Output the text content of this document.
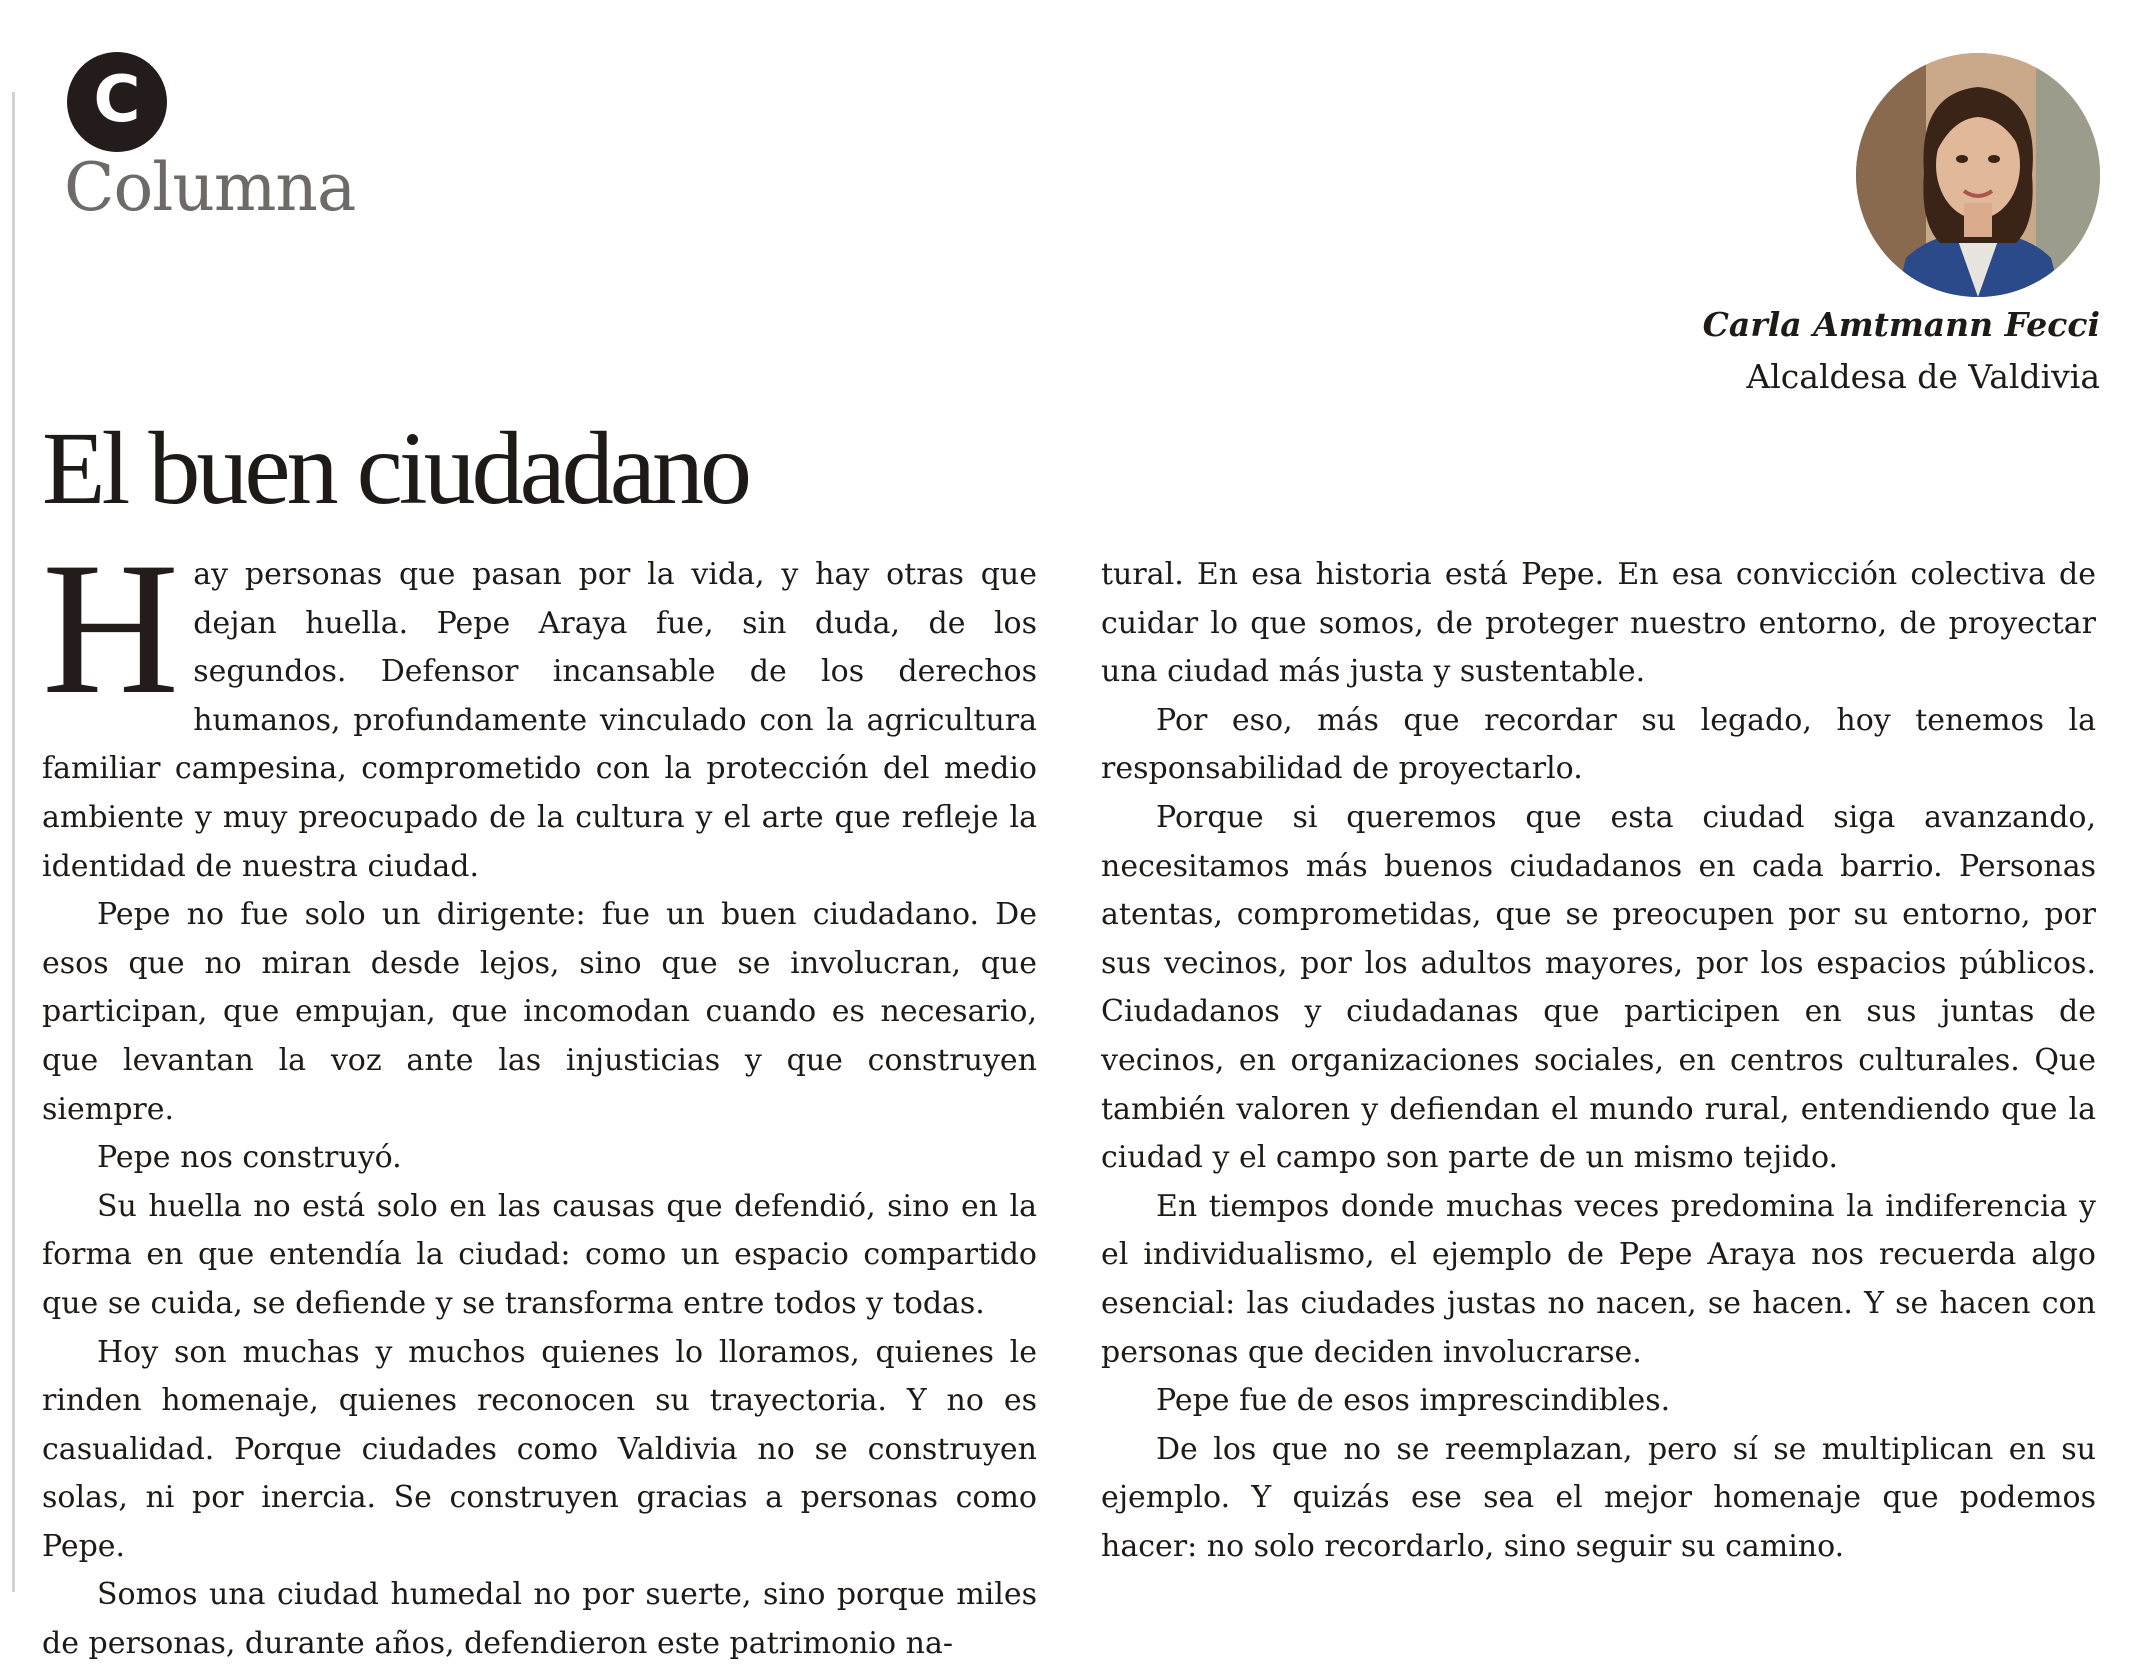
C
Columna
Carla Amtmann Fecci
Alcaldesa de Valdivia
El buen ciudadano

Hay personas que pasan por la vida, y hay otras que dejan huella. Pepe Araya fue, sin duda, de los segundos. Defensor incansable de los derechos humanos, profundamente vinculado con la agricultura familiar campesina, comprometido con la protección del medio ambiente y muy preocupado de la cultura y el arte que refleje la identidad de nuestra ciudad.

Pepe no fue solo un dirigente: fue un buen ciudadano. De esos que no miran desde lejos, sino que se involucran, que participan, que empujan, que incomodan cuando es necesario, que levantan la voz ante las injusticias y que construyen siempre.

Pepe nos construyó.

Su huella no está solo en las causas que defendió, sino en la forma en que entendía la ciudad: como un espacio compartido que se cuida, se defiende y se transforma entre todos y todas.

Hoy son muchas y muchos quienes lo lloramos, quienes le rinden homenaje, quienes reconocen su trayectoria. Y no es casualidad. Porque ciudades como Valdivia no se construyen solas, ni por inercia. Se construyen gracias a personas como Pepe.

Somos una ciudad humedal no por suerte, sino porque miles de personas, durante años, defendieron este patrimonio na-

tural. En esa historia está Pepe. En esa convicción colectiva de cuidar lo que somos, de proteger nuestro entorno, de proyectar una ciudad más justa y sustentable.

Por eso, más que recordar su legado, hoy tenemos la responsabilidad de proyectarlo.

Porque si queremos que esta ciudad siga avanzando, necesitamos más buenos ciudadanos en cada barrio. Personas atentas, comprometidas, que se preocupen por su entorno, por sus vecinos, por los adultos mayores, por los espacios públicos. Ciudadanos y ciudadanas que participen en sus juntas de vecinos, en organizaciones sociales, en centros culturales. Que también valoren y defiendan el mundo rural, entendiendo que la ciudad y el campo son parte de un mismo tejido.

En tiempos donde muchas veces predomina la indiferencia y el individualismo, el ejemplo de Pepe Araya nos recuerda algo esencial: las ciudades justas no nacen, se hacen. Y se hacen con personas que deciden involucrarse.

Pepe fue de esos imprescindibles.

De los que no se reemplazan, pero sí se multiplican en su ejemplo. Y quizás ese sea el mejor homenaje que podemos hacer: no solo recordarlo, sino seguir su camino.
